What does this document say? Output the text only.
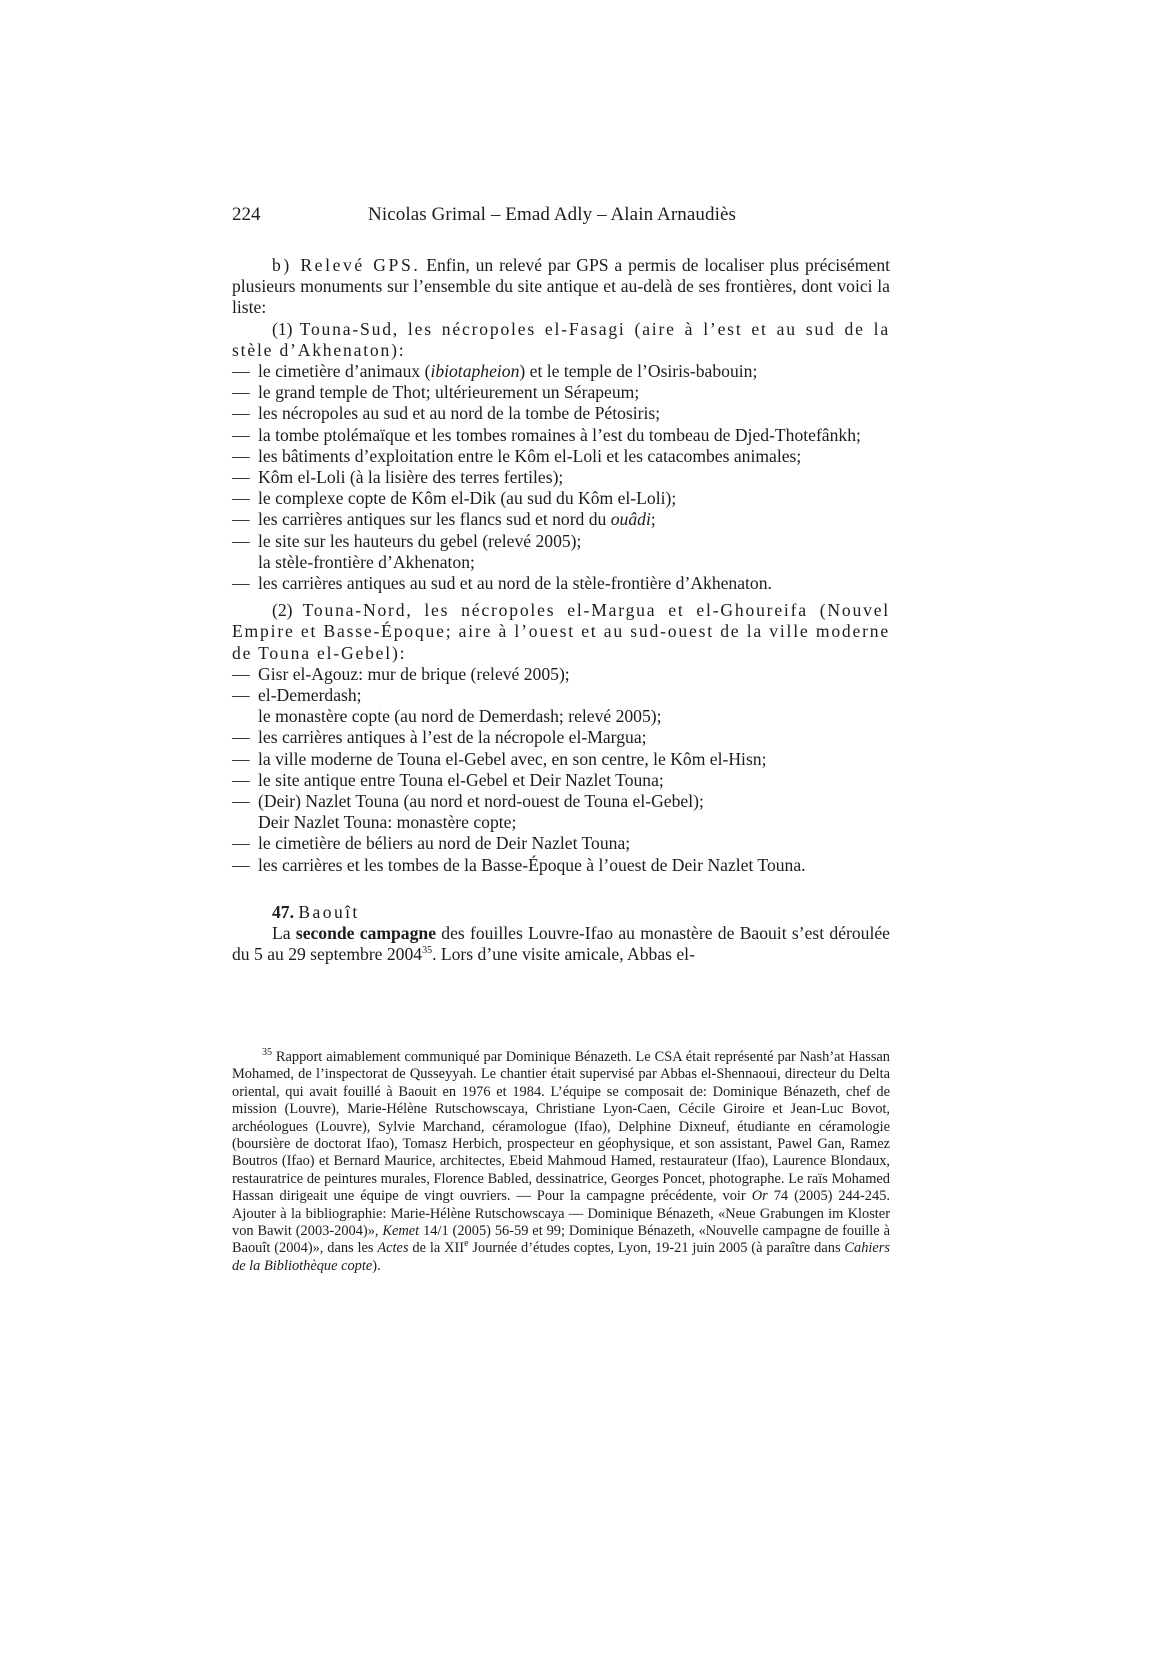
224	Nicolas Grimal – Emad Adly – Alain Arnaudiès

b) Relevé GPS. Enfin, un relevé par GPS a permis de localiser plus précisément plusieurs monuments sur l’ensemble du site antique et au-delà de ses frontières, dont voici la liste:

(1) Touna-Sud, les nécropoles el-Fasagi (aire à l’est et au sud de la stèle d’Akhenaton):

— le cimetière d’animaux (ibiotapheion) et le temple de l’Osiris-babouin;
— le grand temple de Thot; ultérieurement un Sérapeum;
— les nécropoles au sud et au nord de la tombe de Pétosiris;
— la tombe ptolémaïque et les tombes romaines à l’est du tombeau de Djed-Thotefânkh;
— les bâtiments d’exploitation entre le Kôm el-Loli et les catacombes animales;
— Kôm el-Loli (à la lisière des terres fertiles);
— le complexe copte de Kôm el-Dik (au sud du Kôm el-Loli);
— les carrières antiques sur les flancs sud et nord du ouâdi;
— le site sur les hauteurs du gebel (relevé 2005);
la stèle-frontière d’Akhenaton;
— les carrières antiques au sud et au nord de la stèle-frontière d’Akhenaton.

(2) Touna-Nord, les nécropoles el-Margua et el-Ghoureifa (Nouvel Empire et Basse-Époque; aire à l’ouest et au sud-ouest de la ville moderne de Touna el-Gebel):

— Gisr el-Agouz: mur de brique (relevé 2005);
— el-Demerdash;
le monastère copte (au nord de Demerdash; relevé 2005);
— les carrières antiques à l’est de la nécropole el-Margua;
— la ville moderne de Touna el-Gebel avec, en son centre, le Kôm el-Hisn;
— le site antique entre Touna el-Gebel et Deir Nazlet Touna;
— (Deir) Nazlet Touna (au nord et nord-ouest de Touna el-Gebel);
Deir Nazlet Touna: monastère copte;
— le cimetière de béliers au nord de Deir Nazlet Touna;
— les carrières et les tombes de la Basse-Époque à l’ouest de Deir Nazlet Touna.

47. Baouît

La seconde campagne des fouilles Louvre-Ifao au monastère de Baouit s’est déroulée du 5 au 29 septembre 2004$^{35}$. Lors d’une visite amicale, Abbas el-

$^{35}$ Rapport aimablement communiqué par Dominique Bénazeth. Le CSA était représenté par Nash’at Hassan Mohamed, de l’inspectorat de Qusseyyah. Le chantier était supervisé par Abbas el-Shennaoui, directeur du Delta oriental, qui avait fouillé à Baouit en 1976 et 1984. L’équipe se composait de: Dominique Bénazeth, chef de mission (Louvre), Marie-Hélène Rutschowscaya, Christiane Lyon-Caen, Cécile Giroire et Jean-Luc Bovot, archéologues (Louvre), Sylvie Marchand, céramologue (Ifao), Delphine Dixneuf, étudiante en céramologie (boursière de doctorat Ifao), Tomasz Herbich, prospecteur en géophysique, et son assistant, Pawel Gan, Ramez Boutros (Ifao) et Bernard Maurice, architectes, Ebeid Mahmoud Hamed, restaurateur (Ifao), Laurence Blondaux, restauratrice de peintures murales, Florence Babled, dessinatrice, Georges Poncet, photographe. Le raïs Mohamed Hassan dirigeait une équipe de vingt ouvriers. — Pour la campagne précédente, voir Or 74 (2005) 244-245. Ajouter à la bibliographie: Marie-Hélène Rutschowscaya — Dominique Bénazeth, «Neue Grabungen im Kloster von Bawit (2003-2004)», Kemet 14/1 (2005) 56-59 et 99; Dominique Bénazeth, «Nouvelle campagne de fouille à Baouît (2004)», dans les Actes de la XIIe Journée d’études coptes, Lyon, 19-21 juin 2005 (à paraître dans Cahiers de la Bibliothèque copte).
